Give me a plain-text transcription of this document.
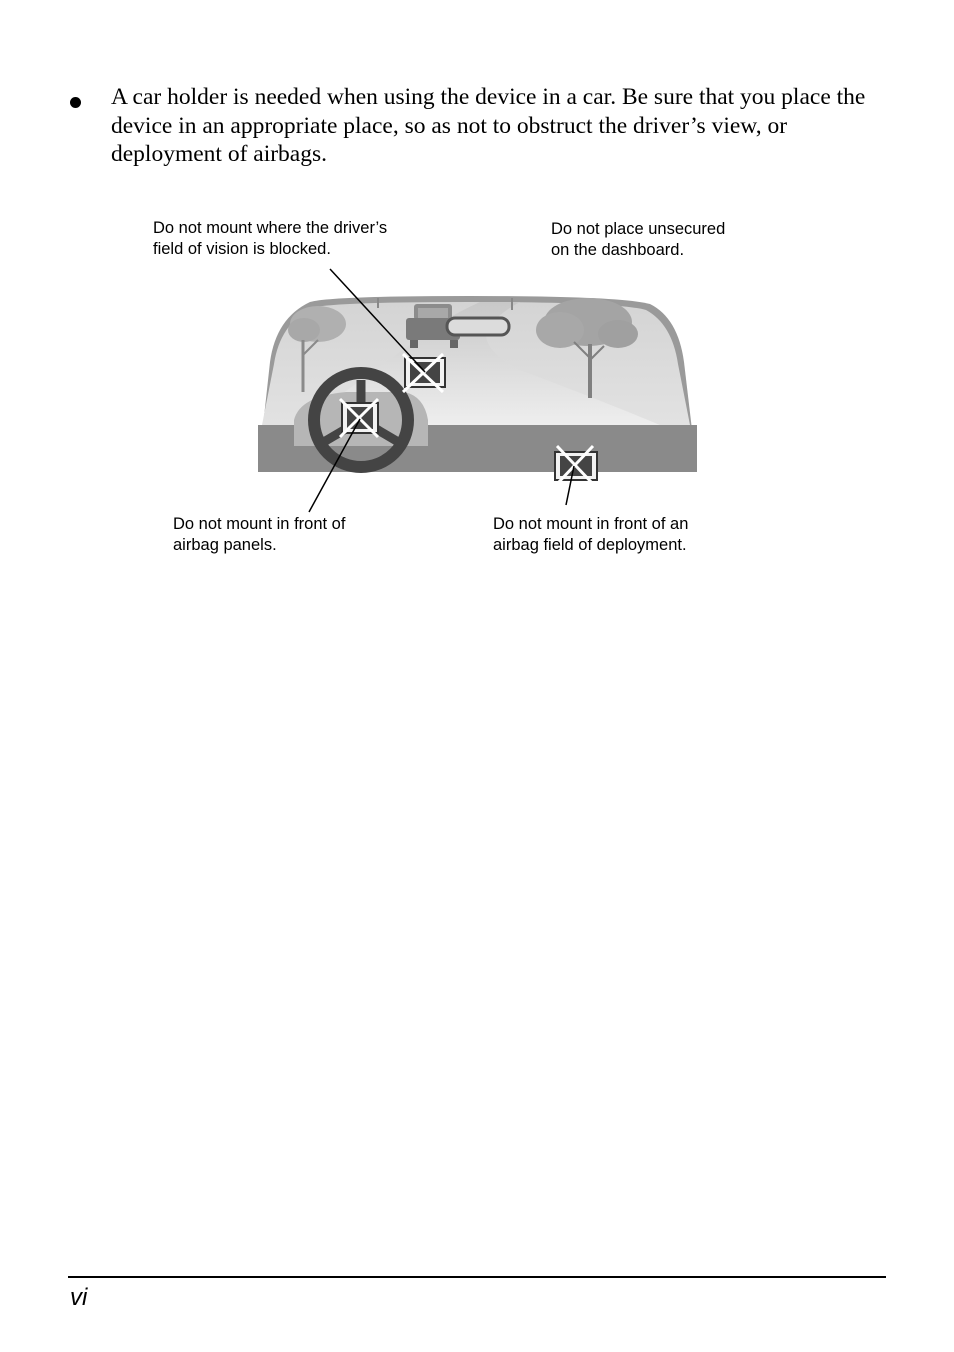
A car holder is needed when using the device in a car. Be sure that you place the device in an appropriate place, so as not to obstruct the driver’s view, or deployment of airbags.

Do not mount where the driver’s
field of vision is blocked.

Do not place unsecured
on the dashboard.

Do not mount in front of
airbag panels.

Do not mount in front of an
airbag field of deployment.

vi
